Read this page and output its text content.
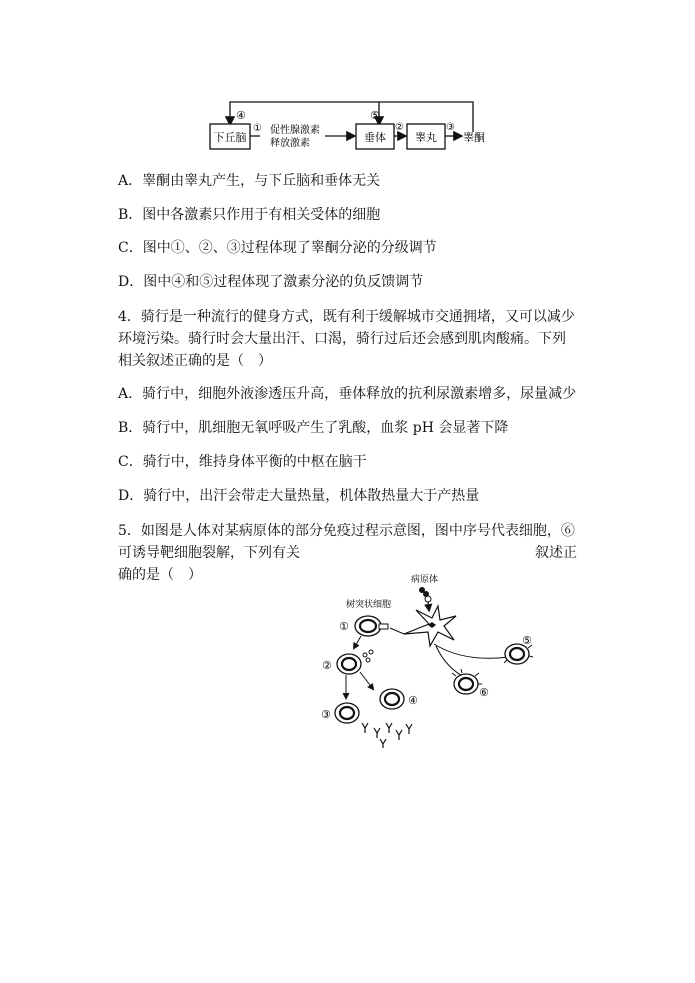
下丘脑	垂体	睾丸 睾酮
促性腺激素
释放激素
①	②	③
④	⑤
A．睾酮由睾丸产生，与下丘脑和垂体无关
B．图中各激素只作用于有相关受体的细胞
C．图中①、②、③过程体现了睾酮分泌的分级调节
D．图中④和⑤过程体现了激素分泌的负反馈调节
4．骑行是一种流行的健身方式，既有利于缓解城市交通拥堵，又可以减少环境污染。骑行时会大量出汗、口渴，骑行过后还会感到肌肉酸痛。下列相关叙述正确的是（　）
A．骑行中，细胞外液渗透压升高，垂体释放的抗利尿激素增多，尿量减少
B．骑行中，肌细胞无氧呼吸产生了乳酸，血浆 pH 会显著下降
C．骑行中，维持身体平衡的中枢在脑干
D．骑行中，出汗会带走大量热量，机体散热量大于产热量
5．如图是人体对某病原体的部分免疫过程示意图，图中序号代表细胞，⑥可诱导靶细胞裂解，下列有关	叙述正确的是（　）	病原体
树突状细胞
①
②
④
③
⑥
⑤
